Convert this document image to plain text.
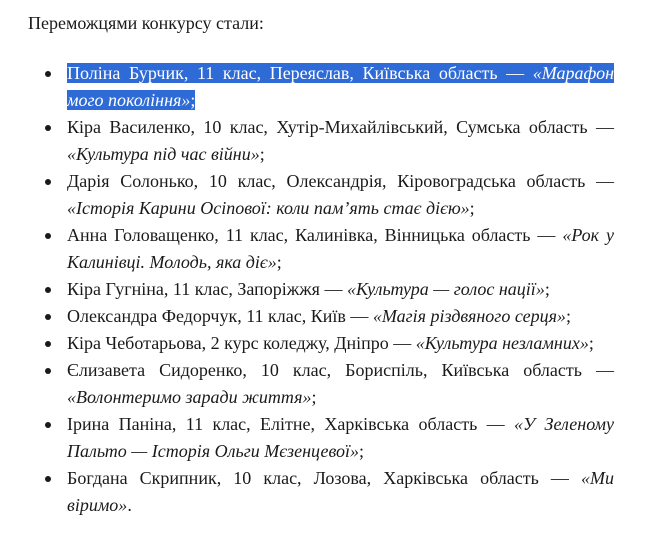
Переможцями конкурсу стали:

Поліна Бурчик, 11 клас, Переяслав, Київська область — «Марафон мого покоління»;
Кіра Василенко, 10 клас, Хутір-Михайлівський, Сумська область — «Культура під час війни»;
Дарія Солонько, 10 клас, Олександрія, Кіровоградська область — «Історія Карини Осіпової: коли пам’ять стає дією»;
Анна Головащенко, 11 клас, Калинівка, Вінницька область — «Рок у Калинівці. Молодь, яка діє»;
Кіра Гугніна, 11 клас, Запоріжжя — «Культура — голос нації»;
Олександра Федорчук, 11 клас, Київ — «Магія різдвяного серця»;
Кіра Чеботарьова, 2 курс коледжу, Дніпро — «Культура незламних»;
Єлизавета Сидоренко, 10 клас, Бориспіль, Київська область — «Волонтеримо заради життя»;
Ірина Паніна, 11 клас, Елітне, Харківська область — «У Зеленому Пальто — Історія Ольги Мєзенцевої»;
Богдана Скрипник, 10 клас, Лозова, Харківська область — «Ми віримо».
